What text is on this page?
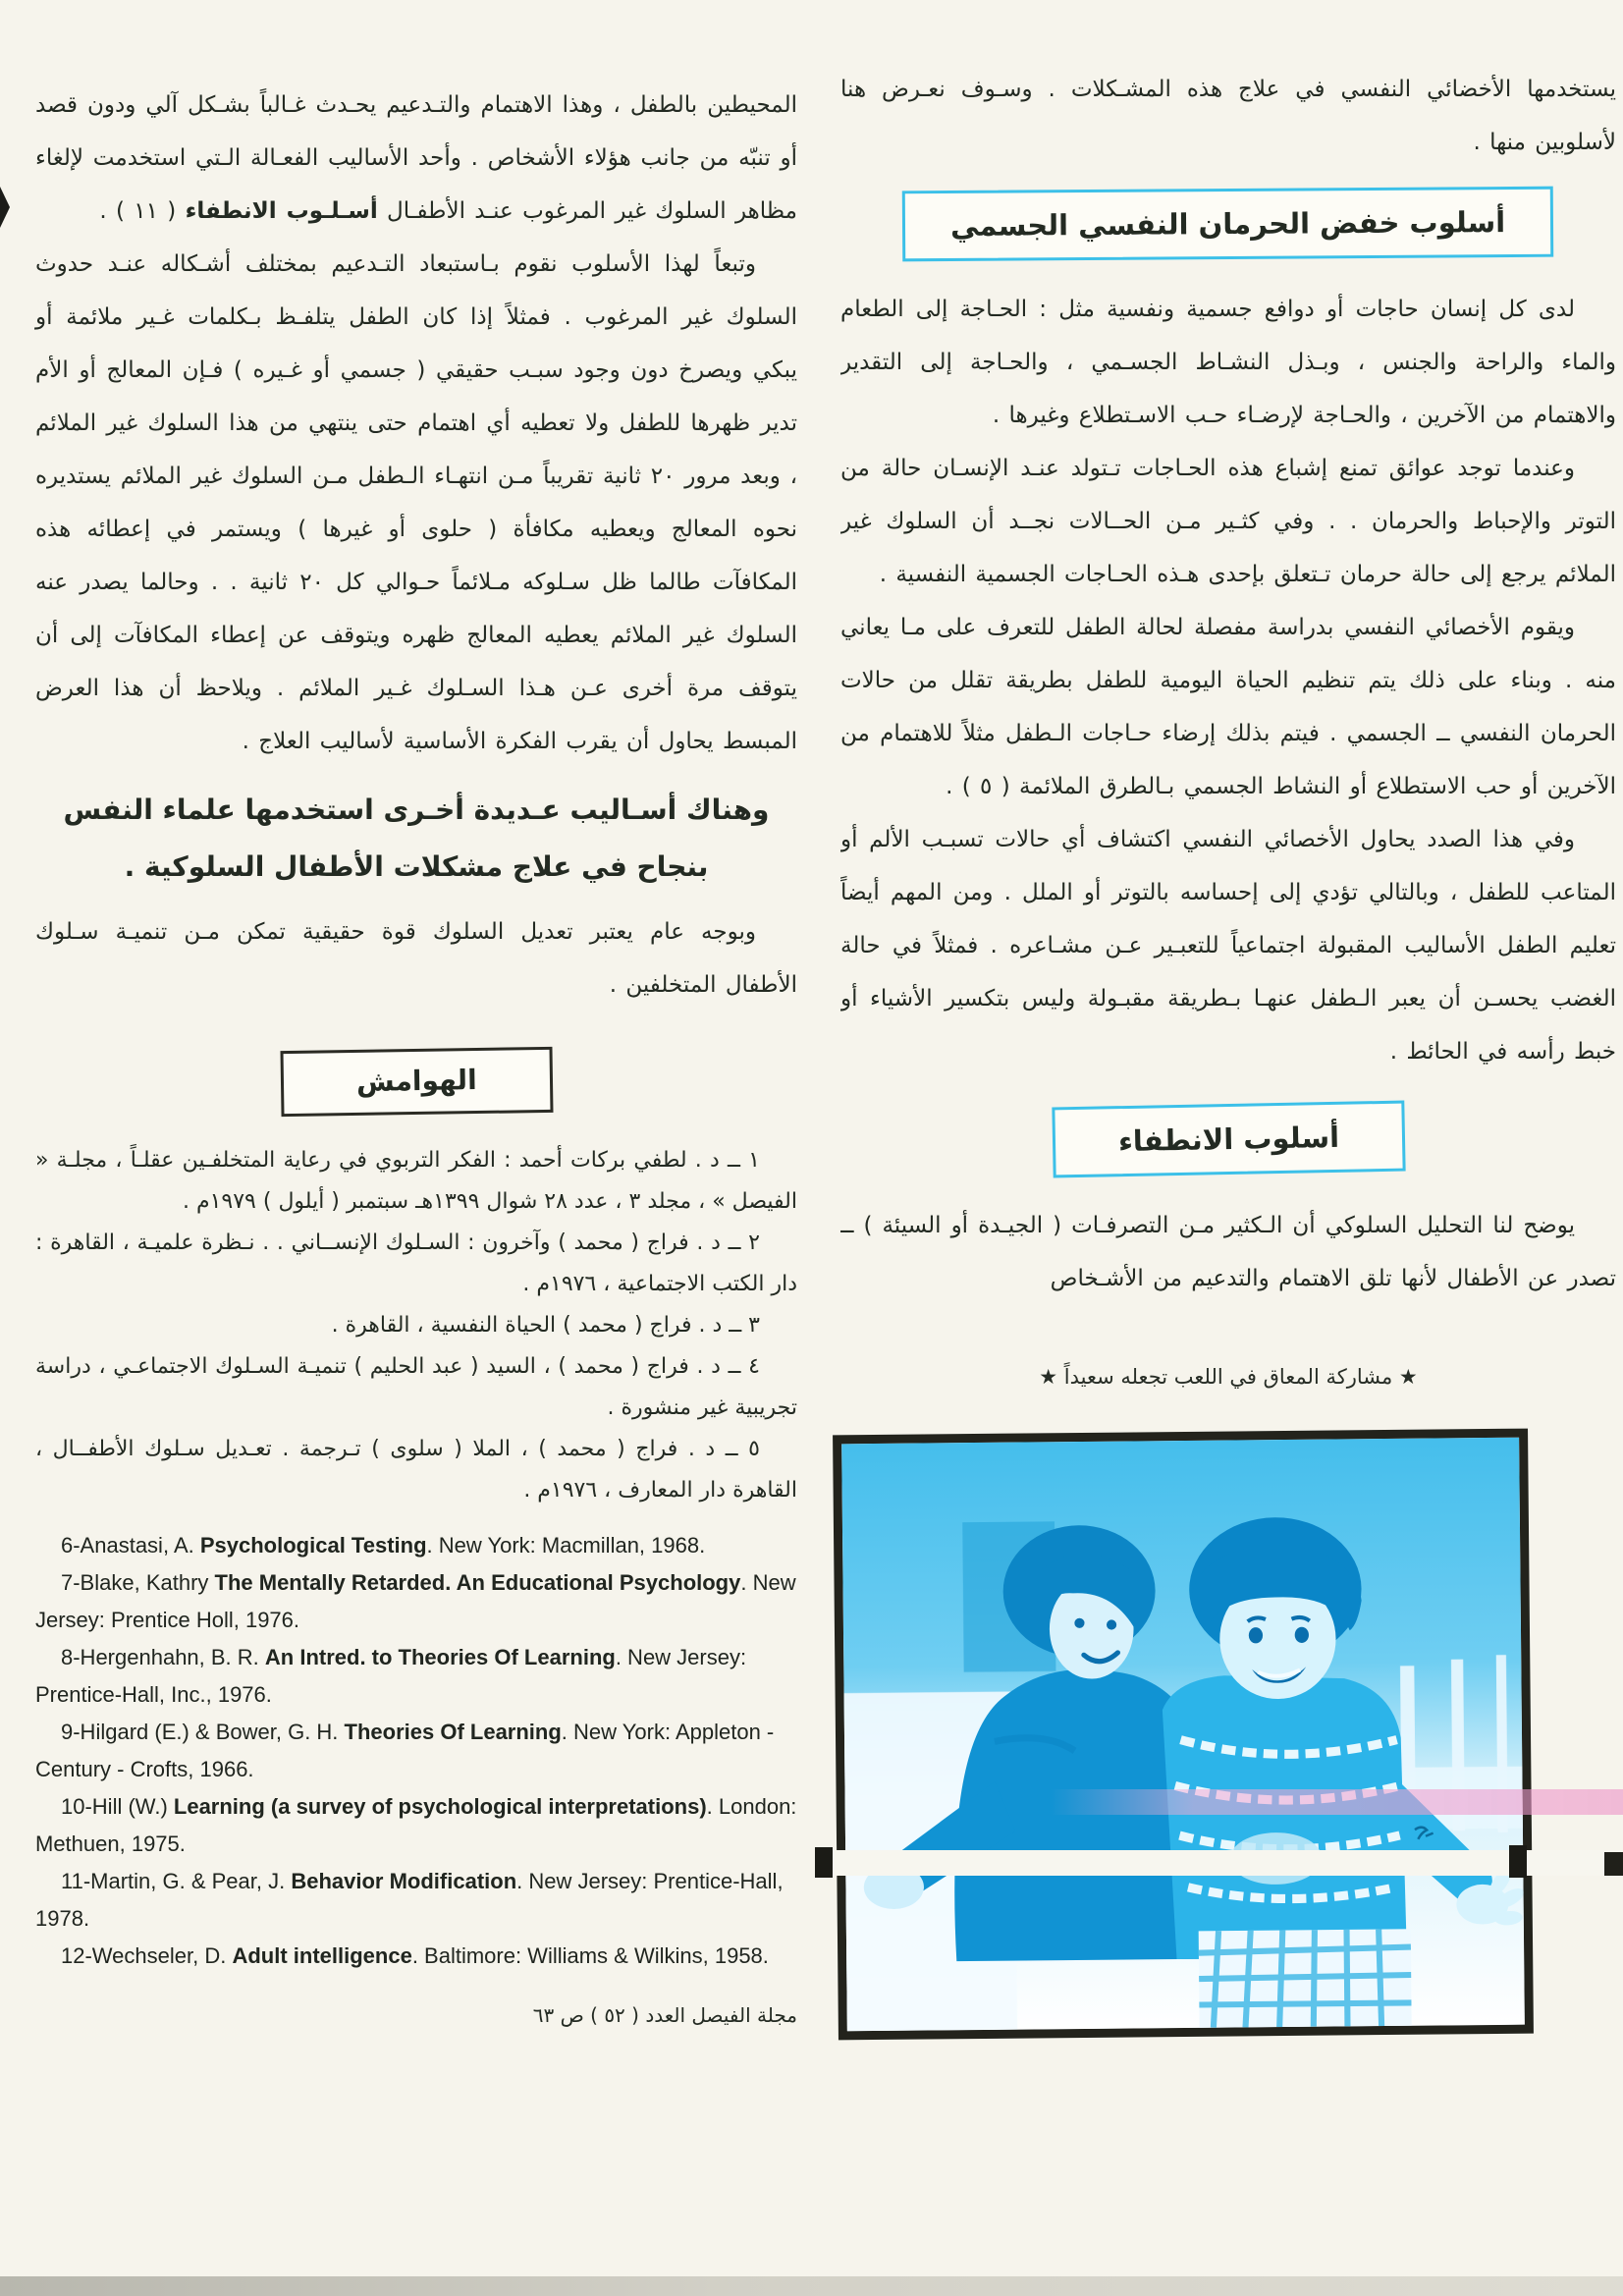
يستخدمها الأخضائي النفسي في علاج هذه المشـكلات . وسـوف نعـرض هنا لأسلوبين منها .

أسلوب خفض الحرمان النفسي الجسمي

لدى كل إنسان حاجات أو دوافع جسمية ونفسية مثل : الحـاجة إلى الطعام والماء والراحة والجنس ، وبـذل النشـاط الجسـمي ، والحـاجة إلى التقدير والاهتمام من الآخرين ، والحـاجة لإرضـاء حـب الاسـتطلاع وغيرها .

وعندما توجد عوائق تمنع إشباع هذه الحـاجات تـتولد عنـد الإنسـان حالة من التوتر والإحباط والحرمان . . وفي كثـير مـن الحــالات نجــد أن السلوك غير الملائم يرجع إلى حالة حرمان تـتعلق بإحدى هـذه الحـاجات الجسمية النفسية .

ويقوم الأخصائي النفسي بدراسة مفصلة لحالة الطفل للتعرف على مـا يعاني منه . وبناء على ذلك يتم تنظيم الحياة اليومية للطفل بطريقة تقلل من حالات الحرمان النفسي ــ الجسمي . فيتم بذلك إرضاء حـاجات الـطفل مثلاً للاهتمام من الآخرين أو حب الاستطلاع أو النشاط الجسمي بـالطرق الملائمة ( ٥ ) .

وفي هذا الصدد يحاول الأخصائي النفسي اكتشاف أي حالات تسبـب الألم أو المتاعب للطفل ، وبالتالي تؤدي إلى إحساسه بالتوتر أو الملل . ومن المهم أيضاً تعليم الطفل الأساليب المقبولة اجتماعياً للتعبـير عـن مشـاعره . فمثلاً في حالة الغضب يحسـن أن يعبر الـطفل عنهـا بـطريقة مقبـولة وليس بتكسير الأشياء أو خبط رأسه في الحائط .

أسلوب الانطفاء

يوضح لنا التحليل السلوكي أن الـكثير مـن التصرفـات ( الجيـدة أو السيئة ) ــ تصدر عن الأطفال لأنها تلق الاهتمام والتدعيم من الأشـخاص

★ مشاركة المعاق في اللعب تجعله سعيداً ★

المحيطين بالطفل ، وهذا الاهتمام والتـدعيم يحـدث غـالباً بشـكل آلي ودون قصد أو تنبّه من جانب هؤلاء الأشخاص . وأحد الأساليب الفعـالة الـتي استخدمت لإلغاء مظاهر السلوك غير المرغوب عنـد الأطفـال أسـلـوب الانطفاء ( ١١ ) .

وتبعاً لهذا الأسلوب نقوم بـاستبعاد التـدعيم بمختلف أشـكاله عنـد حدوث السلوك غير المرغوب . فمثلاً إذا كان الطفل يتلفـظ بـكلمات غـير ملائمة أو يبكي ويصرخ دون وجود سبـب حقيقي ( جسمي أو غـيره ) فـإن المعالج أو الأم تدير ظهرها للطفل ولا تعطيه أي اهتمام حتى ينتهي من هذا السلوك غير الملائم ، وبعد مرور ٢٠ ثانية تقريباً مـن انتهـاء الـطفل مـن السلوك غير الملائم يستديره نحوه المعالج ويعطيه مكافأة ( حلوى أو غيرها ) ويستمر في إعطائه هذه المكافآت طالما ظل سـلوكه مـلائماً حـوالي كل ٢٠ ثانية . . وحالما يصدر عنه السلوك غير الملائم يعطيه المعالج ظهره ويتوقف عن إعطاء المكافآت إلى أن يتوقف مرة أخرى عـن هـذا السـلوك غـير الملائم . ويلاحظ أن هذا العرض المبسط يحاول أن يقرب الفكرة الأساسية لأساليب العلاج .

وهناك أسـاليب عـديدة أخـرى استخدمها علماء النفس
بنجاح في علاج مشكلات الأطفال السلوكية .

وبوجه عام يعتبر تعديل السلوك قوة حقيقية تمكن مـن تنميـة سـلوك الأطفال المتخلفين .

الهوامش

١ ــ د . لطفي بركات أحمد : الفكر التربوي في رعاية المتخلفـين عقلـاً ، مجلـة « الفيصل » ، مجلد ٣ ، عدد ٢٨ شوال ١٣٩٩هـ سبتمبر ( أيلول ) ١٩٧٩م .

٢ ــ د . فراج ( محمد ) وآخرون : السـلوك الإنســاني . . نـظرة علميـة ، القاهرة : دار الكتب الاجتماعية ، ١٩٧٦م .

٣ ــ د . فراج ( محمد ) الحياة النفسية ، القاهرة .

٤ ــ د . فراج ( محمد ) ، السيد ( عبد الحليم ) تنميـة السـلوك الاجتماعـي ، دراسة تجريبية غير منشورة .

٥ ــ د . فراج ( محمد ) ، الملا ( سلوى ) تـرجمة . تعـديل سـلوك الأطفــال ، القاهرة دار المعارف ، ١٩٧٦م .

6-Anastasi, A. Psychological Testing. New York: Macmillan, 1968.

7-Blake, Kathry The Mentally Retarded. An Educational Psychology. New Jersey: Prentice Holl, 1976.

8-Hergenhahn, B. R. An Intred. to Theories Of Learning. New Jersey: Prentice-Hall, Inc., 1976.

9-Hilgard (E.) & Bower, G. H. Theories Of Learning. New York: Appleton - Century - Crofts, 1966.

10-Hill (W.) Learning (a survey of psychological interpretations). London: Methuen, 1975.

11-Martin, G. & Pear, J. Behavior Modification. New Jersey: Prentice-Hall, 1978.

12-Wechseler, D. Adult intelligence. Baltimore: Williams & Wilkins, 1958.

مجلة الفيصل العدد ( ٥٢ ) ص ٦٣
